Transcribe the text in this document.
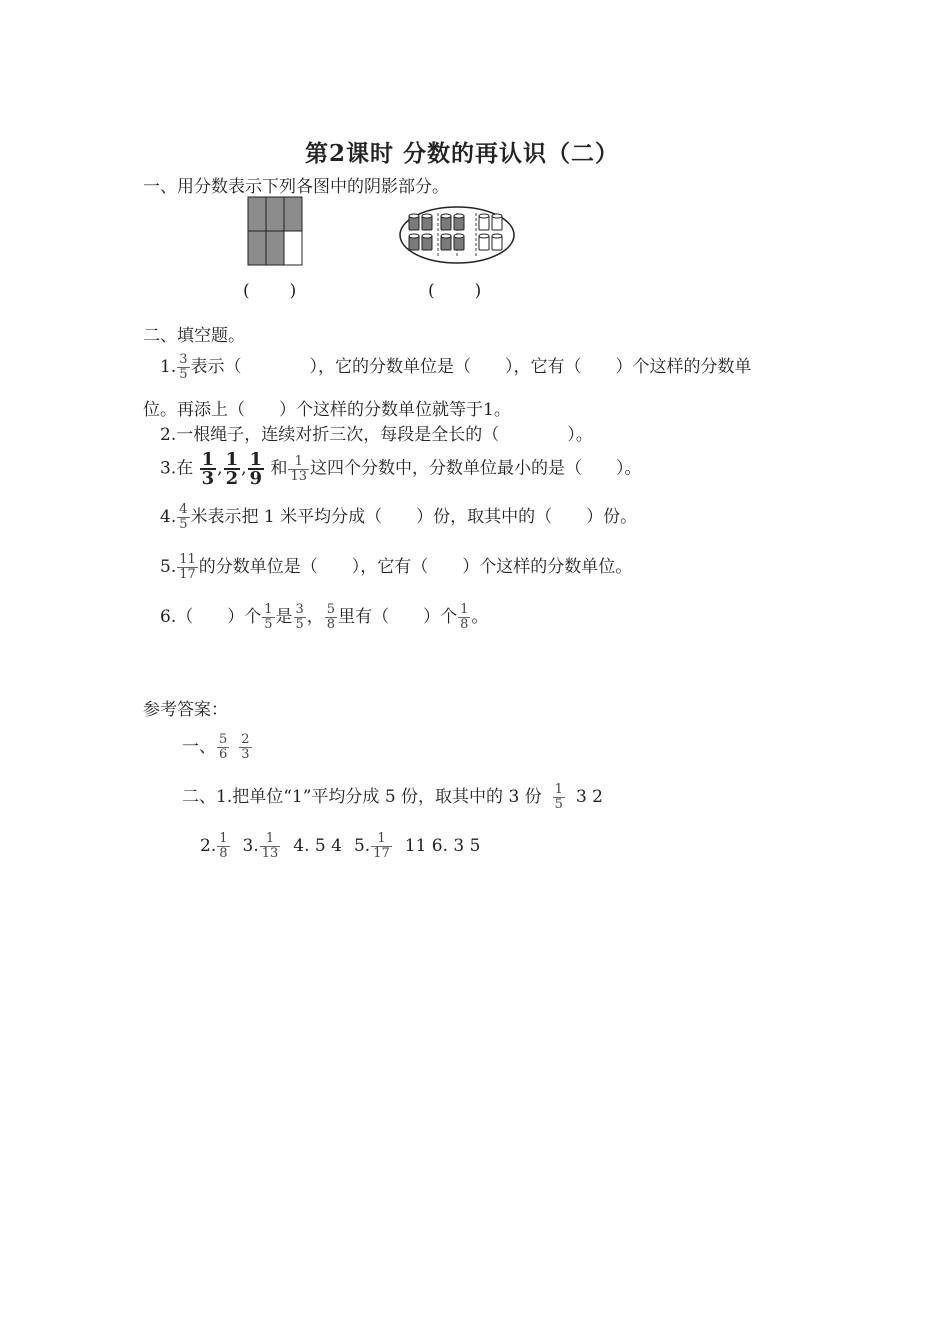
第2课时 分数的再认识（二）
一、用分数表示下列各图中的阴影部分。
( )	( )
二、填空题。
1. $\frac{3}{5}$ 表示（　　　　），它的分数单位是（　　），它有（　　）个这样的分数单
位。再添上（　　）个这样的分数单位就等于1。
2.一根绳子，连续对折三次，每段是全长的（　　　　）。
3.在 $\frac{1}{3}$ , $\frac{1}{2}$ , $\frac{1}{9}$ 和 $\frac{1}{13}$ 这四个分数中，分数单位最小的是（　　）。
4. $\frac{4}{5}$ 米表示把 1 米平均分成（　　）份，取其中的（　　）份。
5. $\frac{11}{17}$ 的分数单位是（　　），它有（　　）个这样的分数单位。
6.（　　）个 $\frac{1}{5}$ 是 $\frac{3}{5}$ ， $\frac{5}{8}$ 里有（　　）个 $\frac{1}{8}$ 。
参考答案：
一、 $\frac{5}{6} \frac{2}{3}$
二、1.把单位“1”平均分成 5 份，取其中的 3 份 $\frac{1}{5} 3$ 2
2. $\frac{1}{8} 3$. $\frac{1}{13} 4$. 5 4 5. $\frac{1}{17} 11$ 6. 3 5
